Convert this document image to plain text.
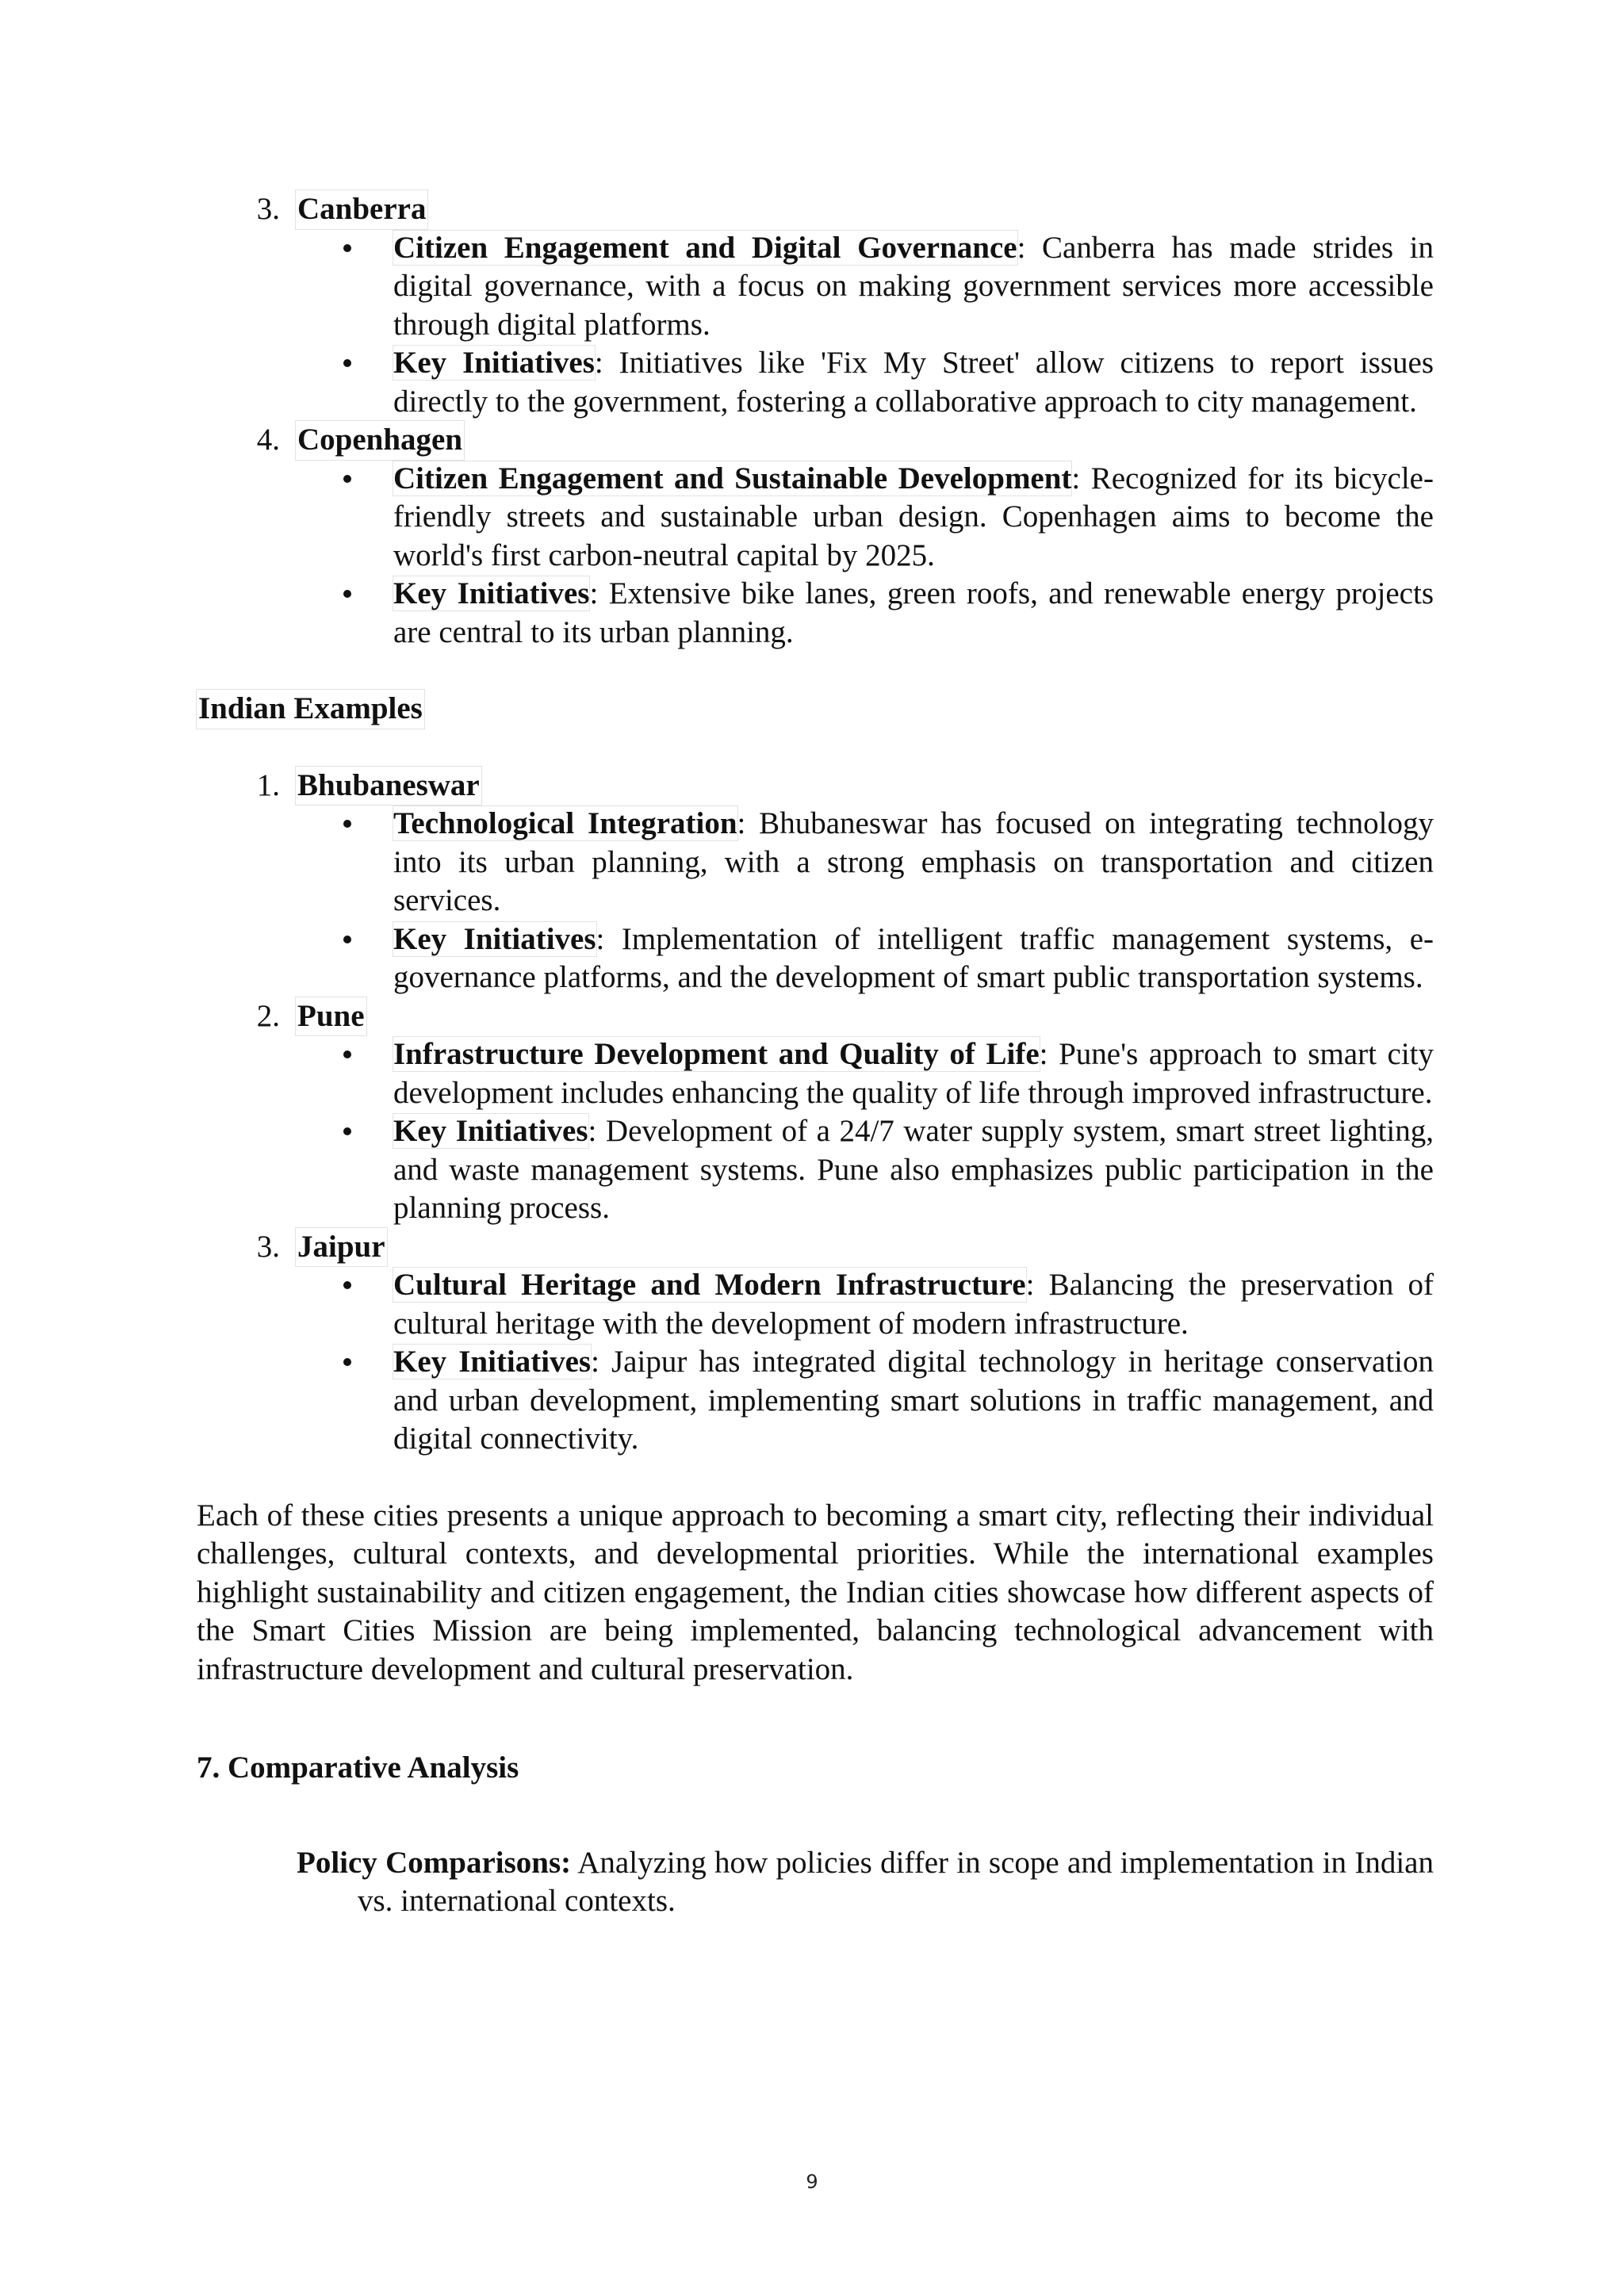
3. Canberra
Citizen Engagement and Digital Governance: Canberra has made strides in digital governance, with a focus on making government services more accessible through digital platforms.
Key Initiatives: Initiatives like 'Fix My Street' allow citizens to report issues directly to the government, fostering a collaborative approach to city management.
4. Copenhagen
Citizen Engagement and Sustainable Development: Recognized for its bicycle-friendly streets and sustainable urban design. Copenhagen aims to become the world's first carbon-neutral capital by 2025.
Key Initiatives: Extensive bike lanes, green roofs, and renewable energy projects are central to its urban planning.
Indian Examples
1. Bhubaneswar
Technological Integration: Bhubaneswar has focused on integrating technology into its urban planning, with a strong emphasis on transportation and citizen services.
Key Initiatives: Implementation of intelligent traffic management systems, e-governance platforms, and the development of smart public transportation systems.
2. Pune
Infrastructure Development and Quality of Life: Pune's approach to smart city development includes enhancing the quality of life through improved infrastructure.
Key Initiatives: Development of a 24/7 water supply system, smart street lighting, and waste management systems. Pune also emphasizes public participation in the planning process.
3. Jaipur
Cultural Heritage and Modern Infrastructure: Balancing the preservation of cultural heritage with the development of modern infrastructure.
Key Initiatives: Jaipur has integrated digital technology in heritage conservation and urban development, implementing smart solutions in traffic management, and digital connectivity.

Each of these cities presents a unique approach to becoming a smart city, reflecting their individual challenges, cultural contexts, and developmental priorities. While the international examples highlight sustainability and citizen engagement, the Indian cities showcase how different aspects of the Smart Cities Mission are being implemented, balancing technological advancement with infrastructure development and cultural preservation.

7. Comparative Analysis

Policy Comparisons: Analyzing how policies differ in scope and implementation in Indian vs. international contexts.

9
